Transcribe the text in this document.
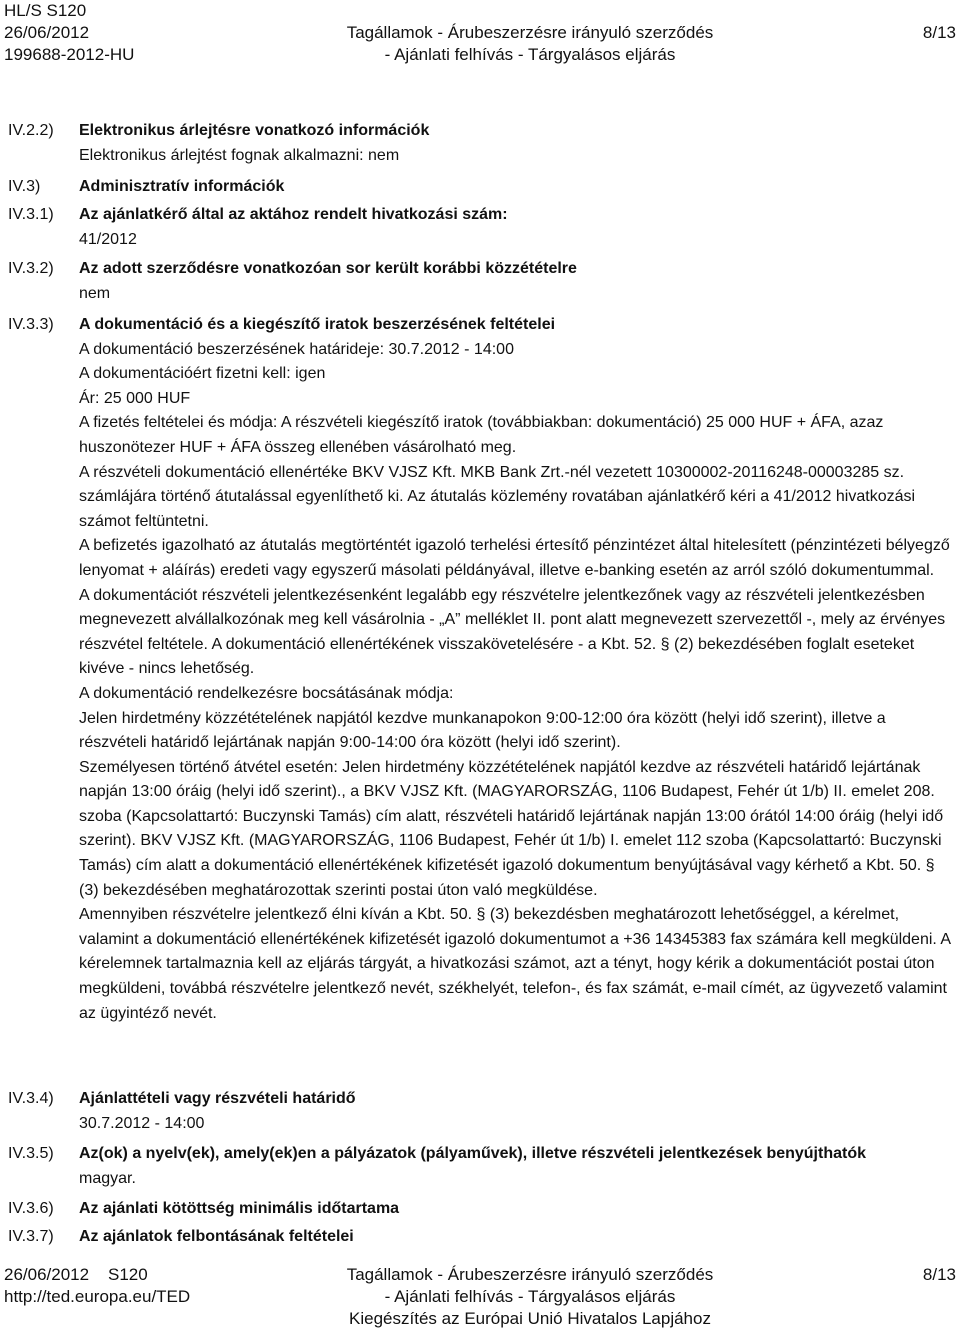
HL/S S120
26/06/2012
199688-2012-HU
Tagállamok - Árubeszerzésre irányuló szerződés
- Ajánlati felhívás - Tárgyalásos eljárás
8/13
IV.2.2)
IV.3)
IV.3.1)
IV.3.2)
IV.3.3)
IV.3.4)
IV.3.5)
IV.3.6)
IV.3.7)
Elektronikus árlejtésre vonatkozó információk
Elektronikus árlejtést fognak alkalmazni: nem
Adminisztratív információk
Az ajánlatkérő által az aktához rendelt hivatkozási szám:
41/2012
Az adott szerződésre vonatkozóan sor került korábbi közzétételre
nem
A dokumentáció és a kiegészítő iratok beszerzésének feltételei
A dokumentáció beszerzésének határideje: 30.7.2012 - 14:00
A dokumentációért fizetni kell: igen
Ár: 25 000 HUF
A fizetés feltételei és módja: A részvételi kiegészítő iratok (továbbiakban: dokumentáció) 25 000 HUF + ÁFA, azaz huszonötezer HUF + ÁFA összeg ellenében vásárolható meg.
A részvételi dokumentáció ellenértéke BKV VJSZ Kft. MKB Bank Zrt.-nél vezetett 10300002-20116248-00003285 sz. számlájára történő átutalással egyenlíthető ki. Az átutalás közlemény rovatában ajánlatkérő kéri a 41/2012 hivatkozási számot feltüntetni.
A befizetés igazolható az átutalás megtörténtét igazoló terhelési értesítő pénzintézet által hitelesített (pénzintézeti bélyegző lenyomat + aláírás) eredeti vagy egyszerű másolati példányával, illetve e-banking esetén az arról szóló dokumentummal.
A dokumentációt részvételi jelentkezésenként legalább egy részvételre jelentkezőnek vagy az részvételi jelentkezésben megnevezett alvállalkozónak meg kell vásárolnia - „A” melléklet II. pont alatt megnevezett szervezettől -, mely az érvényes részvétel feltétele. A dokumentáció ellenértékének visszakövetelésére - a Kbt. 52. § (2) bekezdésében foglalt eseteket kivéve - nincs lehetőség.
A dokumentáció rendelkezésre bocsátásának módja:
Jelen hirdetmény közzétételének napjától kezdve munkanapokon 9:00-12:00 óra között (helyi idő szerint), illetve a részvételi határidő lejártának napján 9:00-14:00 óra között (helyi idő szerint).
Személyesen történő átvétel esetén: Jelen hirdetmény közzétételének napjától kezdve az részvételi határidő lejártának napján 13:00 óráig (helyi idő szerint)., a BKV VJSZ Kft. (MAGYARORSZÁG, 1106 Budapest, Fehér út 1/b) II. emelet 208. szoba (Kapcsolattartó: Buczynski Tamás) cím alatt, részvételi határidő lejártának napján 13:00 órától 14:00 óráig (helyi idő szerint). BKV VJSZ Kft. (MAGYARORSZÁG, 1106 Budapest, Fehér út 1/b) I. emelet 112 szoba (Kapcsolattartó: Buczynski Tamás) cím alatt a dokumentáció ellenértékének kifizetését igazoló dokumentum benyújtásával vagy kérhető a Kbt. 50. § (3) bekezdésében meghatározottak szerinti postai úton való megküldése.
Amennyiben részvételre jelentkező élni kíván a Kbt. 50. § (3) bekezdésben meghatározott lehetőséggel, a kérelmet, valamint a dokumentáció ellenértékének kifizetését igazoló dokumentumot a +36 14345383 fax számára kell megküldeni. A kérelemnek tartalmaznia kell az eljárás tárgyát, a hivatkozási számot, azt a tényt, hogy kérik a dokumentációt postai úton megküldeni, továbbá részvételre jelentkező nevét, székhelyét, telefon-, és fax számát, e-mail címét, az ügyvezető valamint az ügyintéző nevét.
Ajánlattételi vagy részvételi határidő
30.7.2012 - 14:00
Az(ok) a nyelv(ek), amely(ek)en a pályázatok (pályaművek), illetve részvételi jelentkezések benyújthatók
magyar.
Az ajánlati kötöttség minimális időtartama
Az ajánlatok felbontásának feltételei
26/06/2012 S120
http://ted.europa.eu/TED
Tagállamok - Árubeszerzésre irányuló szerződés
- Ajánlati felhívás - Tárgyalásos eljárás
Kiegészítés az Európai Unió Hivatalos Lapjához
8/13
